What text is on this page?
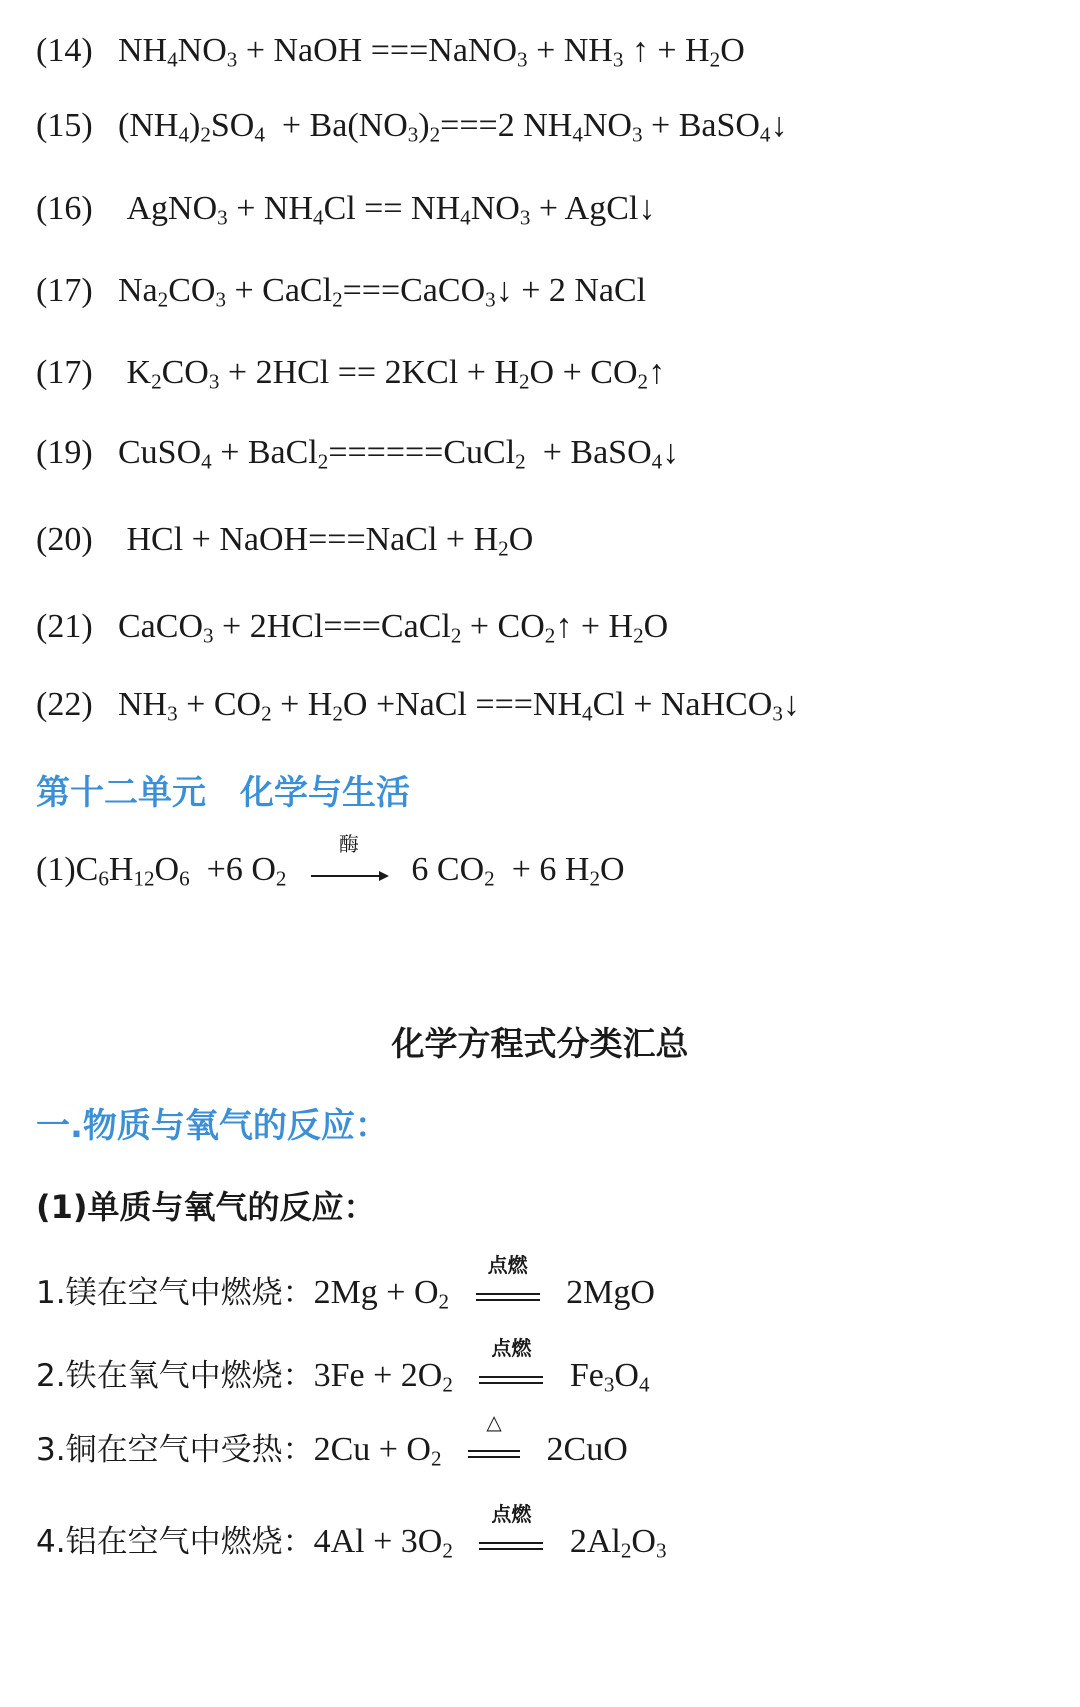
(14) $NH_4NO_3$ + NaOH ===NaNO$_3$ + $NH_3$ ↑ + $H_2O$
(15) $(NH_4)_2SO_4 + Ba(NO_3)_2===2$ $NH_4NO_3$ + BaSO$_4$↓
(16) AgNO$_3$ + $NH_4Cl == NH_4NO_3$ + AgCl↓
(17) $Na_2CO_3$ + CaCl$_2$===CaCO$_3$↓ + 2 NaCl
(17) $K_2CO_3 + 2HCl == 2KCl + H_2O$ + $CO_2↑$
(19) CuSO$_4$ + BaCl$_2$======CuCl$_2$  + BaSO$_4$↓
(20) HCl + NaOH===NaCl + $H_2O$
(21) CaCO$_3$ + 2HCl===CaCl$_2$ + $CO_2↑ + H_2O$
(22) $NH_3 + CO_2 + H_2O$ +NaCl $===NH_4Cl$ + NaHCO$_3$↓
第十二单元　化学与生活
$(1)C_6H_{12}O_6 +6$ $O_2$
酶
6 $CO_2 + 6$ $H_2O$
化学方程式分类汇总
一.物质与氧气的反应：
(1)单质与氧气的反应：
1.镁在空气中燃烧：$2Mg + O_2$
点燃
2MgO
2.铁在氧气中燃烧：$3Fe + 2O_2$
点燃
$Fe_3O_4$
3.铜在空气中受热：$2Cu + O_2$
△
2CuO
4.铝在空气中燃烧：$4Al + 3O_2$
点燃
$2Al_2O_3$
